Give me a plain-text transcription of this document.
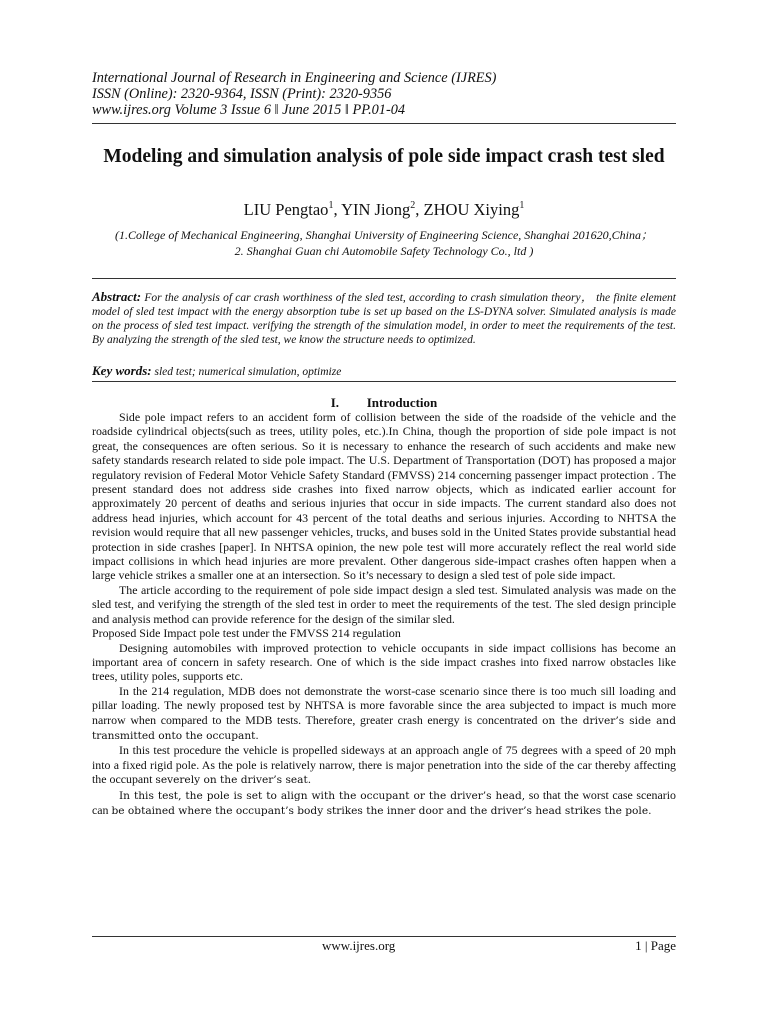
International Journal of Research in Engineering and Science (IJRES)
ISSN (Online): 2320-9364, ISSN (Print): 2320-9356
www.ijres.org Volume 3 Issue 6 ǁ June 2015 ǁ PP.01-04
Modeling and simulation analysis of pole side impact crash test sled
LIU Pengtao$^1$, YIN Jiong$^2$, ZHOU Xiying$^1$
(1.College of Mechanical Engineering, Shanghai University of Engineering Science, Shanghai 201620,China；
2. Shanghai Guan chi Automobile Safety Technology Co., ltd )
Abstract: For the analysis of car crash worthiness of the sled test, according to crash simulation theory， the finite element model of sled test impact with the energy absorption tube is set up based on the LS-DYNA solver. Simulated analysis is made on the process of sled test impact. verifying the strength of the simulation model, in order to meet the requirements of the test. By analyzing the strength of the sled test, we know the structure needs to optimized.
Key words: sled test; numerical simulation, optimize
I. Introduction

Side pole impact refers to an accident form of collision between the side of the roadside of the vehicle and the roadside cylindrical objects(such as trees, utility poles, etc.).In China, though the proportion of side pole impact is not great, the consequences are often serious. So it is necessary to enhance the research of such accidents and make new safety standards research related to side pole impact. The U.S. Department of Transportation (DOT) has proposed a major regulatory revision of Federal Motor Vehicle Safety Standard (FMVSS) 214 concerning passenger impact protection . The present standard does not address side crashes into fixed narrow objects, which as indicated earlier account for approximately 20 percent of deaths and serious injuries that occur in side impacts. The current standard also does not address head injuries, which account for 43 percent of the total deaths and serious injuries. According to NHTSA the revision would require that all new passenger vehicles, trucks, and buses sold in the United States provide substantial head protection in side crashes [paper]. In NHTSA opinion, the new pole test will more accurately reflect the real world side impact collisions in which head injuries are more prevalent. Other dangerous side-impact crashes often happen when a large vehicle strikes a smaller one at an intersection. So it’s necessary to design a sled test of pole side impact.

The article according to the requirement of pole side impact design a sled test. Simulated analysis was made on the sled test, and verifying the strength of the sled test in order to meet the requirements of the test. The sled design principle and analysis method can provide reference for the design of the similar sled.

Proposed Side Impact pole test under the FMVSS 214 regulation

Designing automobiles with improved protection to vehicle occupants in side impact collisions has become an important area of concern in safety research. One of which is the side impact crashes into fixed narrow obstacles like trees, utility poles, supports etc.

In the 214 regulation, MDB does not demonstrate the worst-case scenario since there is too much sill loading and pillar loading. The newly proposed test by NHTSA is more favorable since the area subjected to impact is much more narrow when compared to the MDB tests. Therefore, greater crash energy is concentrated on the driver’s side and transmitted onto the occupant.

In this test procedure the vehicle is propelled sideways at an approach angle of 75 degrees with a speed of 20 mph into a fixed rigid pole. As the pole is relatively narrow, there is major penetration into the side of the car thereby affecting the occupant severely on the driver’s seat.

In this test, the pole is set to align with the occupant or the driver’s head, so that the worst case scenario can be obtained where the occupant’s body strikes the inner door and the driver’s head strikes the pole.

www.ijres.org	1 | Page
